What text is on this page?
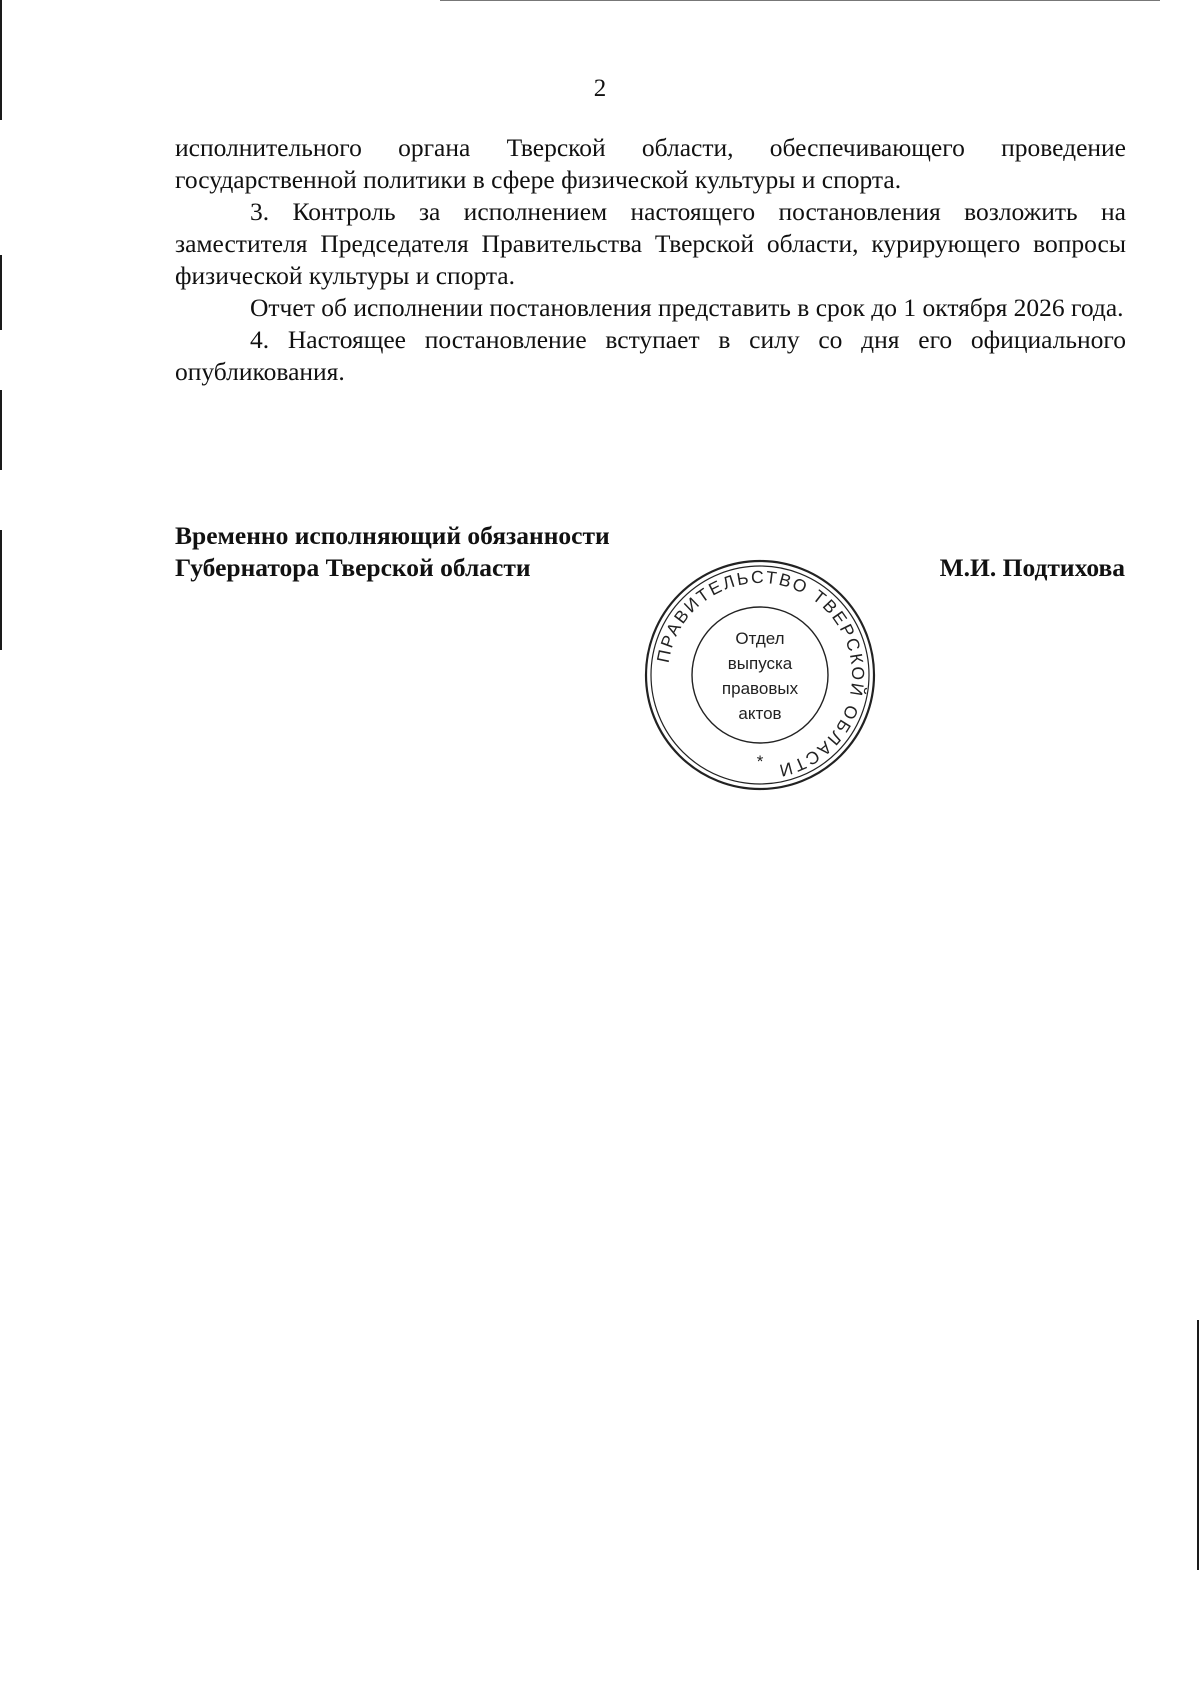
2

исполнительного органа Тверской области, обеспечивающего проведение государственной политики в сфере физической культуры и спорта.

3. Контроль за исполнением настоящего постановления возложить на заместителя Председателя Правительства Тверской области, курирующего вопросы физической культуры и спорта.

Отчет об исполнении постановления представить в срок до 1 октября 2026 года.

4. Настоящее постановление вступает в силу со дня его официального опубликования.

Временно исполняющий обязанности
Губернатора Тверской области	М.И. Подтихова
ПРАВИТЕЛЬСТВО ТВЕРСКОЙ ОБЛАСТИ
Отдел
выпуска
правовых
актов
*
